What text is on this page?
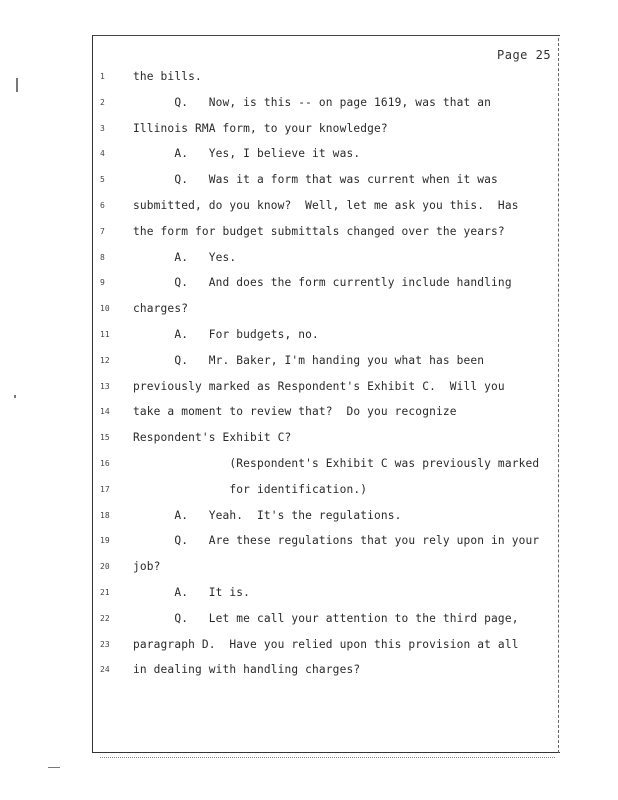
Page 25
1	the bills.
2	Q.   Now, is this -- on page 1619, was that an
3	Illinois RMA form, to your knowledge?
4	A.   Yes, I believe it was.
5	Q.   Was it a form that was current when it was
6	submitted, do you know?  Well, let me ask you this.  Has
7	the form for budget submittals changed over the years?
8	A.   Yes.
9	Q.   And does the form currently include handling
10	charges?
11	A.   For budgets, no.
12	Q.   Mr. Baker, I'm handing you what has been
13	previously marked as Respondent's Exhibit C.  Will you
14	take a moment to review that?  Do you recognize
15	Respondent's Exhibit C?
16	(Respondent's Exhibit C was previously marked
17	for identification.)
18	A.   Yeah.  It's the regulations.
19	Q.   Are these regulations that you rely upon in your
20	job?
21	A.   It is.
22	Q.   Let me call your attention to the third page,
23	paragraph D.  Have you relied upon this provision at all
24	in dealing with handling charges?
